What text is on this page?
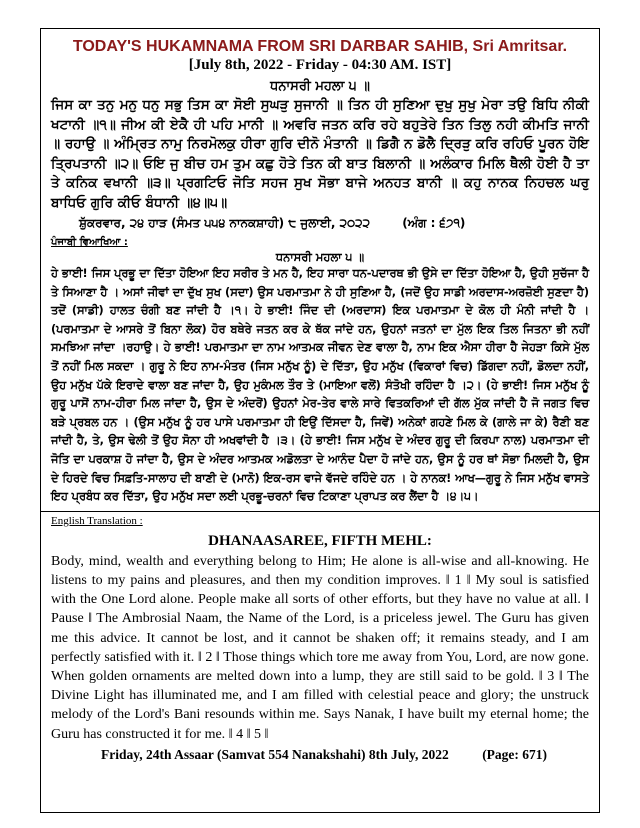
TODAY'S HUKAMNAMA FROM SRI DARBAR SAHIB, Sri Amritsar.
[July 8th, 2022 - Friday - 04:30 AM. IST]
ਧਨਾਸਰੀ ਮਹਲਾ ੫ ॥

ਜਿਸ ਕਾ ਤਨੁ ਮਨੁ ਧਨੁ ਸਭੁ ਤਿਸ ਕਾ ਸੋਈ ਸੁਘੜੁ ਸੁਜਾਨੀ ॥ ਤਿਨ ਹੀ ਸੁਣਿਆ ਦੁਖੁ ਸੁਖੁ ਮੇਰਾ ਤਉ ਬਿਧਿ ਨੀਕੀ ਖਟਾਨੀ ॥੧॥ ਜੀਅ ਕੀ ਏਕੈ ਹੀ ਪਹਿ ਮਾਨੀ ॥ ਅਵਰਿ ਜਤਨ ਕਰਿ ਰਹੇ ਬਹੁਤੇਰੇ ਤਿਨ ਤਿਲੁ ਨਹੀ ਕੀਮਤਿ ਜਾਨੀ ॥ ਰਹਾਉ ॥ ਅੰਮ੍ਰਿਤ ਨਾਮੁ ਨਿਰਮੋਲਕੁ ਹੀਰਾ ਗੁਰਿ ਦੀਨੋ ਮੰਤਾਨੀ ॥ ਡਿਗੈ ਨ ਡੋਲੈ ਦ੍ਰਿੜੁ ਕਰਿ ਰਹਿਓ ਪੂਰਨ ਹੋਇ ਤ੍ਰਿਪਤਾਨੀ ॥੨॥ ਓਇ ਜੁ ਬੀਚ ਹਮ ਤੁਮ ਕਛੁ ਹੋਤੇ ਤਿਨ ਕੀ ਬਾਤ ਬਿਲਾਨੀ ॥ ਅਲੰਕਾਰ ਮਿਲਿ ਥੈਲੀ ਹੋਈ ਹੈ ਤਾ ਤੇ ਕਨਿਕ ਵਖਾਨੀ ॥੩॥ ਪ੍ਰਗਟਿਓ ਜੋਤਿ ਸਹਜ ਸੁਖ ਸੋਭਾ ਬਾਜੇ ਅਨਹਤ ਬਾਨੀ ॥ ਕਹੁ ਨਾਨਕ ਨਿਹਚਲ ਘਰੁ ਬਾਧਿਓ ਗੁਰਿ ਕੀਓ ਬੰਧਾਨੀ ॥੪॥੫॥

ਸ਼ੁੱਕਰਵਾਰ, ੨੪ ਹਾੜ (ਸੰਮਤ ੫੫੪ ਨਾਨਕਸ਼ਾਹੀ) ੮ ਜੁਲਾਈ, ੨੦੨੨	(ਅੰਗ : ੬੭੧)
ਪੰਜਾਬੀ ਵਿਆਖਿਆ :
ਧਨਾਸਰੀ ਮਹਲਾ ੫ ॥

ਹੇ ਭਾਈ! ਜਿਸ ਪ੍ਰਭੂ ਦਾ ਦਿੱਤਾ ਹੋਇਆ ਇਹ ਸਰੀਰ ਤੇ ਮਨ ਹੈ, ਇਹ ਸਾਰਾ ਧਨ-ਪਦਾਰਥ ਭੀ ਉਸੇ ਦਾ ਦਿੱਤਾ ਹੋਇਆ ਹੈ, ਉਹੀ ਸੁਚੱਜਾ ਹੈ ਤੇ ਸਿਆਣਾ ਹੈ । ਅਸਾਂ ਜੀਵਾਂ ਦਾ ਦੁੱਖ ਸੁਖ (ਸਦਾ) ਉਸ ਪਰਮਾਤਮਾ ਨੇ ਹੀ ਸੁਣਿਆ ਹੈ, (ਜਦੋਂ ਉਹ ਸਾਡੀ ਅਰਦਾਸ-ਅਰਜ਼ੋਈ ਸੁਣਦਾ ਹੈ) ਤਦੋਂ (ਸਾਡੀ) ਹਾਲਤ ਚੰਗੀ ਬਣ ਜਾਂਦੀ ਹੈ ।੧। ਹੇ ਭਾਈ! ਜਿੰਦ ਦੀ (ਅਰਦਾਸ) ਇਕ ਪਰਮਾਤਮਾ ਦੇ ਕੋਲ ਹੀ ਮੰਨੀ ਜਾਂਦੀ ਹੈ । (ਪਰਮਾਤਮਾ ਦੇ ਆਸਰੇ ਤੋਂ ਬਿਨਾ ਲੋਕ) ਹੋਰ ਬਥੇਰੇ ਜਤਨ ਕਰ ਕੇ ਥੱਕ ਜਾਂਦੇ ਹਨ, ਉਹਨਾਂ ਜਤਨਾਂ ਦਾ ਮੁੱਲ ਇਕ ਤਿਲ ਜਿਤਨਾ ਭੀ ਨਹੀਂ ਸਮਝਿਆ ਜਾਂਦਾ ।ਰਹਾਉ। ਹੇ ਭਾਈ! ਪਰਮਾਤਮਾ ਦਾ ਨਾਮ ਆਤਮਕ ਜੀਵਨ ਦੇਣ ਵਾਲਾ ਹੈ, ਨਾਮ ਇਕ ਐਸਾ ਹੀਰਾ ਹੈ ਜੇਹੜਾ ਕਿਸੇ ਮੁੱਲ ਤੋਂ ਨਹੀਂ ਮਿਲ ਸਕਦਾ । ਗੁਰੂ ਨੇ ਇਹ ਨਾਮ-ਮੰਤਰ (ਜਿਸ ਮਨੁੱਖ ਨੂੰ) ਦੇ ਦਿੱਤਾ, ਉਹ ਮਨੁੱਖ (ਵਿਕਾਰਾਂ ਵਿਚ) ਡਿੱਗਦਾ ਨਹੀਂ, ਡੋਲਦਾ ਨਹੀਂ, ਉਹ ਮਨੁੱਖ ਪੱਕੇ ਇਰਾਦੇ ਵਾਲਾ ਬਣ ਜਾਂਦਾ ਹੈ, ਉਹ ਮੁਕੰਮਲ ਤੌਰ ਤੇ (ਮਾਇਆ ਵਲੋਂ) ਸੰਤੋਖੀ ਰਹਿੰਦਾ ਹੈ ।੨। (ਹੇ ਭਾਈ! ਜਿਸ ਮਨੁੱਖ ਨੂੰ ਗੁਰੂ ਪਾਸੋਂ ਨਾਮ-ਹੀਰਾ ਮਿਲ ਜਾਂਦਾ ਹੈ, ਉਸ ਦੇ ਅੰਦਰੋਂ) ਉਹਨਾਂ ਮੇਰ-ਤੇਰ ਵਾਲੇ ਸਾਰੇ ਵਿਤਕਰਿਆਂ ਦੀ ਗੱਲ ਮੁੱਕ ਜਾਂਦੀ ਹੈ ਜੋ ਜਗਤ ਵਿਚ ਬੜੇ ਪ੍ਰਬਲ ਹਨ । (ਉਸ ਮਨੁੱਖ ਨੂੰ ਹਰ ਪਾਸੇ ਪਰਮਾਤਮਾ ਹੀ ਇਉਂ ਦਿੱਸਦਾ ਹੈ, ਜਿਵੇਂ) ਅਨੇਕਾਂ ਗਹਣੇ ਮਿਲ ਕੇ (ਗਾਲੇ ਜਾ ਕੇ) ਰੈਣੀ ਬਣ ਜਾਂਦੀ ਹੈ, ਤੇ, ਉਸ ਢੇਲੀ ਤੋਂ ਉਹ ਸੋਨਾ ਹੀ ਅਖਵਾਂਦੀ ਹੈ ।੩। (ਹੇ ਭਾਈ! ਜਿਸ ਮਨੁੱਖ ਦੇ ਅੰਦਰ ਗੁਰੂ ਦੀ ਕਿਰਪਾ ਨਾਲ) ਪਰਮਾਤਮਾ ਦੀ ਜੋਤਿ ਦਾ ਪਰਕਾਸ਼ ਹੋ ਜਾਂਦਾ ਹੈ, ਉਸ ਦੇ ਅੰਦਰ ਆਤਮਕ ਅਡੋਲਤਾ ਦੇ ਆਨੰਦ ਪੈਦਾ ਹੋ ਜਾਂਦੇ ਹਨ, ਉਸ ਨੂੰ ਹਰ ਥਾਂ ਸੋਭਾ ਮਿਲਦੀ ਹੈ, ਉਸ ਦੇ ਹਿਰਦੇ ਵਿਚ ਸਿਫ਼ਤਿ-ਸਾਲਾਹ ਦੀ ਬਾਣੀ ਦੇ (ਮਾਨੋ) ਇਕ-ਰਸ ਵਾਜੇ ਵੱਜਦੇ ਰਹਿੰਦੇ ਹਨ । ਹੇ ਨਾਨਕ! ਆਖ—ਗੁਰੂ ਨੇ ਜਿਸ ਮਨੁੱਖ ਵਾਸਤੇ ਇਹ ਪ੍ਰਬੰਧ ਕਰ ਦਿੱਤਾ, ਉਹ ਮਨੁੱਖ ਸਦਾ ਲਈ ਪ੍ਰਭੂ-ਚਰਨਾਂ ਵਿਚ ਟਿਕਾਣਾ ਪ੍ਰਾਪਤ ਕਰ ਲੈਂਦਾ ਹੈ ।੪।੫।

English Translation :
DHANAASAREE, FIFTH MEHL:

Body, mind, wealth and everything belong to Him; He alone is all-wise and all-knowing. He listens to my pains and pleasures, and then my condition improves. ‖ 1 ‖ My soul is satisfied with the One Lord alone. People make all sorts of other efforts, but they have no value at all. ‖ Pause ‖ The Ambrosial Naam, the Name of the Lord, is a priceless jewel. The Guru has given me this advice. It cannot be lost, and it cannot be shaken off; it remains steady, and I am perfectly satisfied with it. ‖ 2 ‖ Those things which tore me away from You, Lord, are now gone. When golden ornaments are melted down into a lump, they are still said to be gold. ‖ 3 ‖ The Divine Light has illuminated me, and I am filled with celestial peace and glory; the unstruck melody of the Lord's Bani resounds within me. Says Nanak, I have built my eternal home; the Guru has constructed it for me. ‖ 4 ‖ 5 ‖

Friday, 24th Assaar (Samvat 554 Nanakshahi) 8th July, 2022 (Page: 671)
